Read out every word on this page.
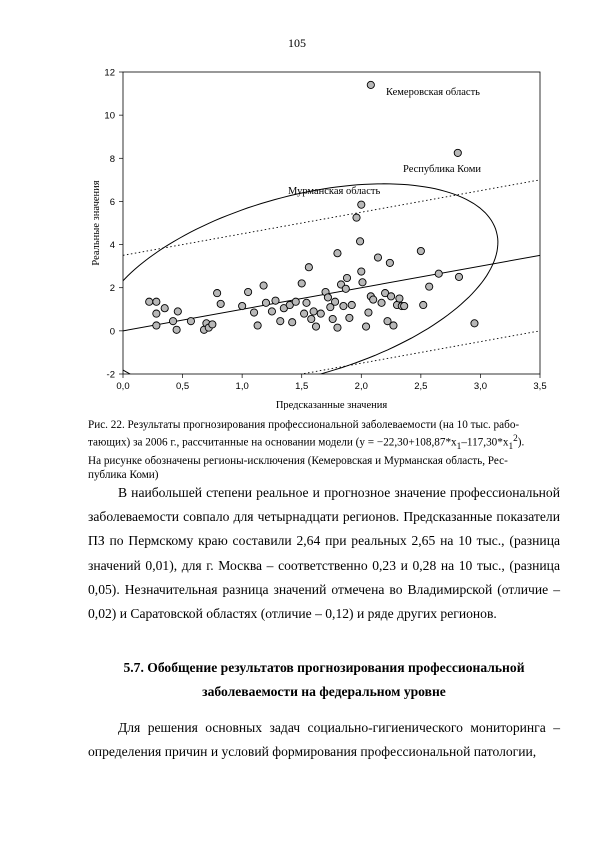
105
0,0	0,5	1,0	1,5	2,0	2,5	3,0	3,5
-2
0
2
4
6
8
10
12
Предсказанные значения
Реальные значения
Кемеровская область
Республика Коми
Мурманская область
Рис. 22. Результаты прогнозирования профессиональной заболеваемости (на 10 тыс. рабо-
тающих) за 2006 г., рассчитанные на основании модели $(y = -22,30+108,87*x_1-117,30*x_1^2)$.
На рисунке обозначены регионы-исключения (Кемеровская и Мурманская область, Рес-
публика Коми)
В наибольшей степени реальное и прогнозное значение профессиональной заболеваемости совпало для четырнадцати регионов. Предсказанные показатели ПЗ по Пермскому краю составили 2,64 при реальных 2,65 на 10 тыс., (разница значений 0,01), для г. Москва – соответственно 0,23 и 0,28 на 10 тыс., (разница 0,05). Незначительная разница значений отмечена во Владимирской (отличие – 0,02) и Саратовской областях (отличие – 0,12) и ряде других регионов.
5.7. Обобщение результатов прогнозирования профессиональной
заболеваемости на федеральном уровне
Для решения основных задач социально-гигиенического мониторинга – определения причин и условий формирования профессиональной патологии,
